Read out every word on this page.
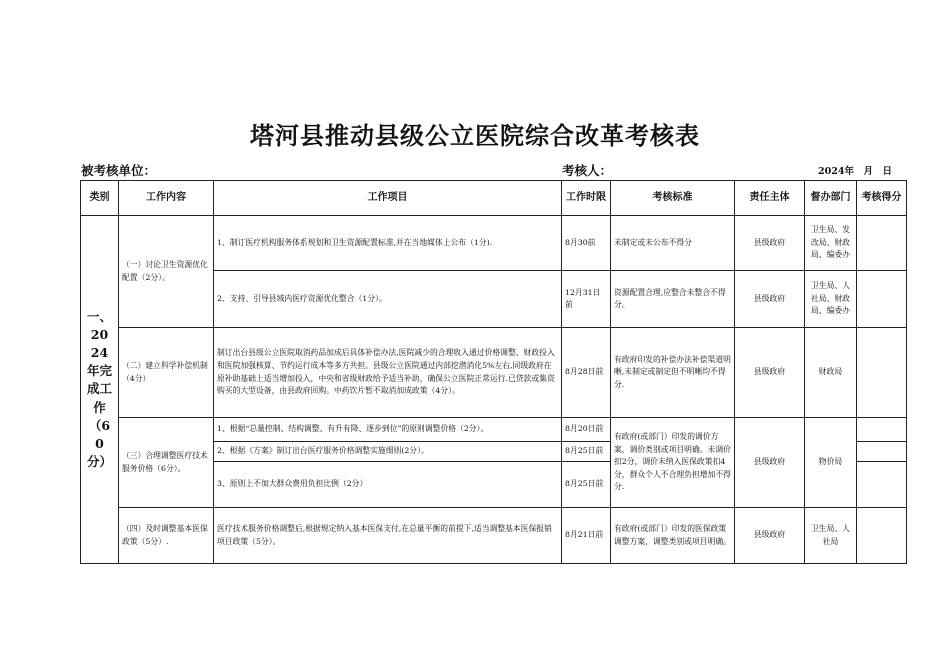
塔河县推动县级公立医院综合改革考核表
被考核单位：	考核人：	2024年　月　日
类别	工作内容	工作项目	工作时限	考核标准	责任主体	督办部门	考核得分
一、2024年完成工作（60分）	（一）讨论卫生资源优化配置（2分）。	1、制订医疗机构服务体系规划和卫生资源配置标准,并在当地媒体上公布（1分).	8月30前	未制定或未公布不得分	县级政府	卫生局、发改局、财政局、编委办	
		2、支持、引导县域内医疗资源优化整合（1分）。	12月31日前	资源配置合理,应整合未整合不得分。	县级政府	卫生局、人社局、财政局、编委办	
	（二）建立科学补偿机制（4分）	制订出台县级公立医院取消药品加成后具体补偿办法,医院减少的合理收入通过价格调整、财政投入和医院加强核算、节约运行成本等多方共担。县级公立医院通过内部挖潜消化5%左右,同级政府在原补助基础上适当增加投入，中央和省级财政给予适当补助，确保公立医院正常运行.已贷款或集资购买的大型设备，由县政府回购。中药饮片暂不取消加成政策（4分）。	8月28日前	有政府印发的补偿办法补偿渠道明晰,未制定或制定但不明晰均不得分.	县级政府	财政局	
	（三）合理调整医疗技术服务价格（6分）。	1、根据“总量控制、结构调整、有升有降、逐步到位”的原则调整价格（2分）。	8月20日前	有政府(或部门）印发的调价方案，调价类别或项目明确。未调价扣2分，调价未纳入医保政策扣4分，群众个人不合理负担增加不得分.	县级政府	物价局	
		2、根据《方案》制订出台医疗服务价格调整实施细则(2分）。	8月25日前				
		3、原则上不加大群众费用负担比例（2分）	8月25日前				
	（四）及时调整基本医保政策（5分）.	医疗技术服务价格调整后,根据规定纳入基本医保支付,在总量平衡的前提下,适当调整基本医保报销项目政策（5分）。	8月21日前	有政府(或部门）印发的医保政策调整方案，调整类别或项目明确。	县级政府	卫生局、人社局	
